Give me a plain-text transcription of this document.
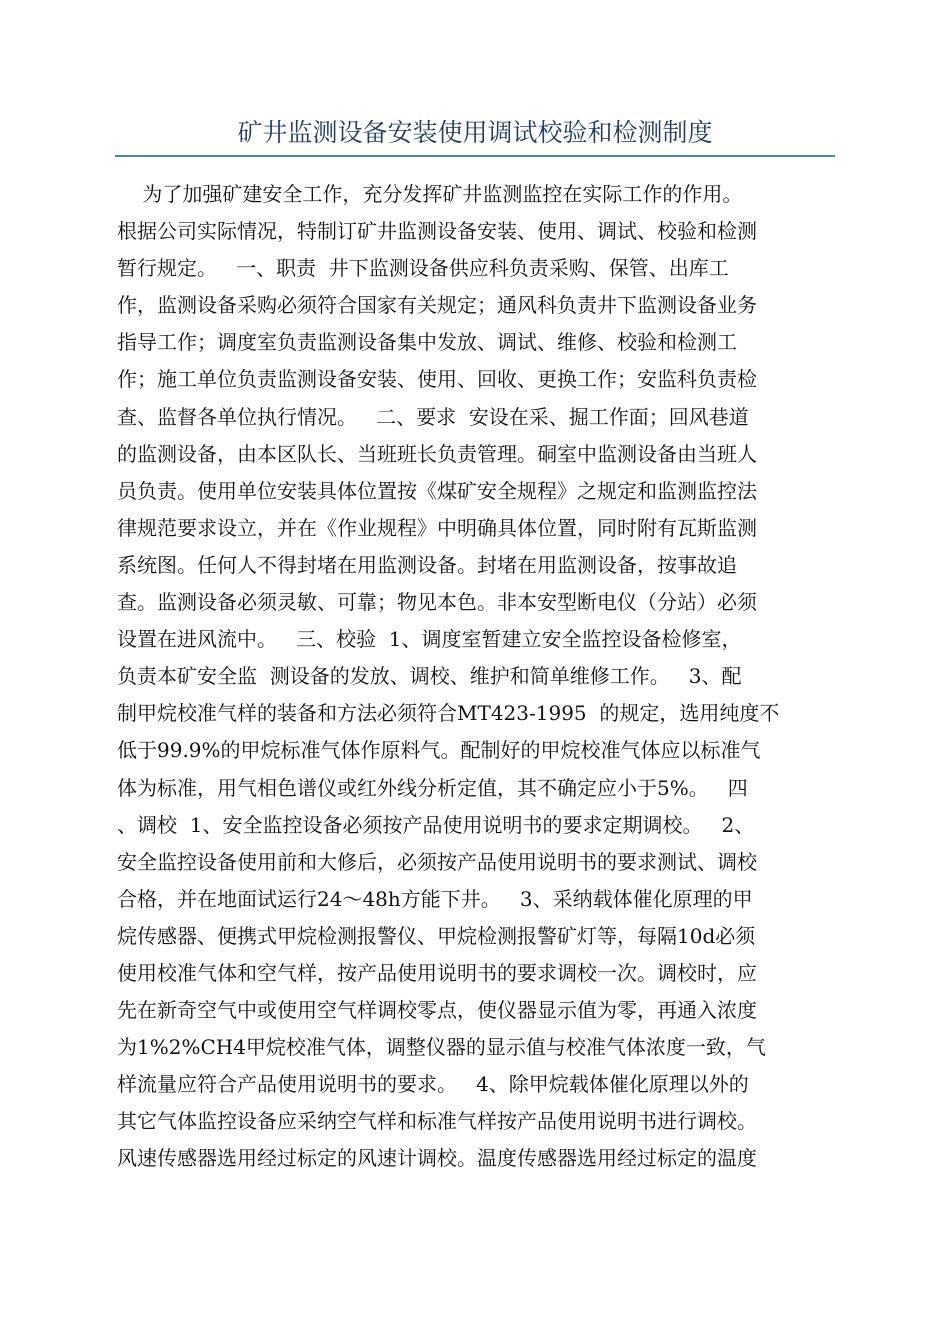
矿井监测设备安装使用调试校验和检测制度
为了加强矿建安全工作，充分发挥矿井监测监控在实际工作的作用。
根据公司实际情况，特制订矿井监测设备安装、使用、调试、校验和检测
暂行规定。   一、职责  井下监测设备供应科负责采购、保管、出库工
作，监测设备采购必须符合国家有关规定；通风科负责井下监测设备业务
指导工作；调度室负责监测设备集中发放、调试、维修、校验和检测工
作；施工单位负责监测设备安装、使用、回收、更换工作；安监科负责检
查、监督各单位执行情况。   二、要求  安设在采、掘工作面；回风巷道
的监测设备，由本区队长、当班班长负责管理。硐室中监测设备由当班人
员负责。使用单位安装具体位置按《煤矿安全规程》之规定和监测监控法
律规范要求设立，并在《作业规程》中明确具体位置，同时附有瓦斯监测
系统图。任何人不得封堵在用监测设备。封堵在用监测设备，按事故追
查。监测设备必须灵敏、可靠；物见本色。非本安型断电仪（分站）必须
设置在进风流中。   三、校验  1、调度室暂建立安全监控设备检修室，
负责本矿安全监  测设备的发放、调校、维护和简单维修工作。   3、配
制甲烷校准气样的装备和方法必须符合MT423-1995  的规定，选用纯度不
低于99.9%的甲烷标准气体作原料气。配制好的甲烷校准气体应以标准气
体为标准，用气相色谱仪或红外线分析定值，其不确定应小于5%。   四
、调校  1、安全监控设备必须按产品使用说明书的要求定期调校。   2、
安全监控设备使用前和大修后，必须按产品使用说明书的要求测试、调校
合格，并在地面试运行24～48h方能下井。   3、采纳载体催化原理的甲
烷传感器、便携式甲烷检测报警仪、甲烷检测报警矿灯等，每隔10d必须
使用校准气体和空气样，按产品使用说明书的要求调校一次。调校时，应
先在新奇空气中或使用空气样调校零点，使仪器显示值为零，再通入浓度
为1%2%CH4甲烷校准气体，调整仪器的显示值与校准气体浓度一致，气
样流量应符合产品使用说明书的要求。   4、除甲烷载体催化原理以外的
其它气体监控设备应采纳空气样和标准气样按产品使用说明书进行调校。
风速传感器选用经过标定的风速计调校。温度传感器选用经过标定的温度
